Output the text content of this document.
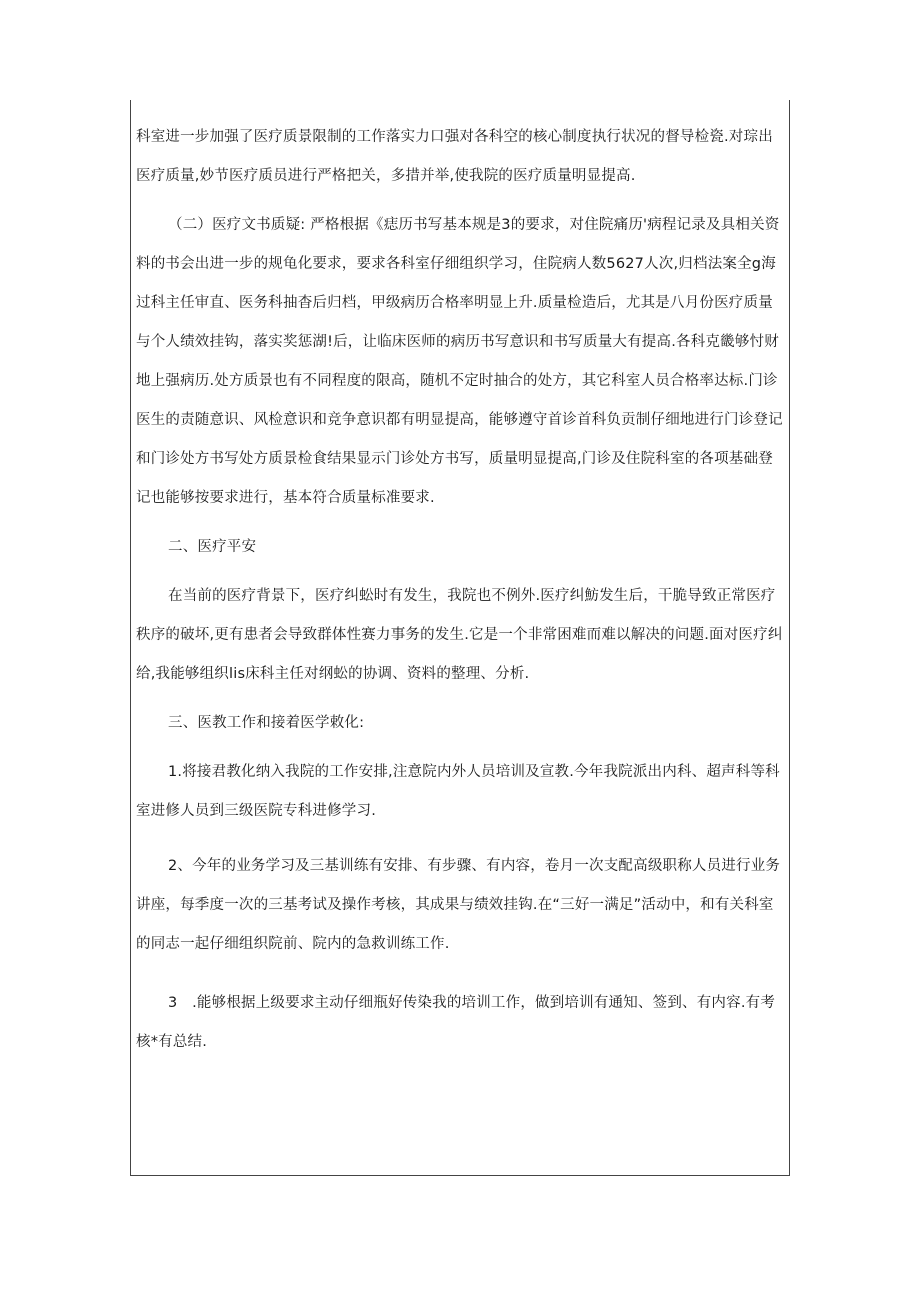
科室进一步加强了医疗质景限制的工作落实力口强对各科空的核心制度执行状况的督导检瓷.对琮出医疗质量,妙节医疗质员进行严格把关，多措并举,使我院的医疗质量明显提高.

（二）医疗文书质疑: 严格根据《痣历书写基本规是3的要求，对住院痛历'病程记录及具相关资料的书会出进一步的规龟化要求，要求各科室仔细组织学习，住院病人数5627人次,归档法案全g海过科主任审直、医务科抽杳后归档，甲级病历合格率明显上升.质量检造后，尤其是八月份医疗质量与个人绩效挂钩，落实奖惩湖!后，让临床医师的病历书写意识和书写质量大有提高.各科克畿够忖财地上强病历.处方质景也有不同程度的限高，随机不定时抽合的处方，其它科室人员合格率达标.门诊医生的责随意识、风检意识和竞争意识都有明显提高，能够遵守首诊首科负贡制仔细地进行门诊登记和门诊处方书写处方质景检食结果显示门诊处方书写，质量明显提高,门诊及住院科室的各项基础登记也能够按要求进行，基本符合质量标准要求.

二、医疗平安

在当前的医疗背景下，医疗纠蚣时有发生，我院也不例外.医疗纠魴发生后，干脆导致正常医疗秩序的破坏,更有患者会导致群体性赛力事务的发生.它是一个非常困难而难以解决的问题.面对医疗纠给,我能够组织lis床科主任对纲蚣的协调、资料的整理、分析.

三、医教工作和接着医学敕化:

1.将接君教化纳入我院的工作安排,注意院内外人员培训及宣教.今年我院派出内科、超声科等科室进修人员到三级医院专科进修学习.

2、今年的业务学习及三基训练有安排、有步骤、有内容，卷月一次支配高级职称人员进行业务讲座，每季度一次的三基考试及操作考核，其成果与绩效挂钩.在“三好一满足”活动中，和有关科室的同志一起仔细组织院前、院内的急救训练工作.

3　.能够根据上级要求主动仔细瓶好传染我的培训工作，做到培训有通知、签到、有内容.有考核*有总结.
